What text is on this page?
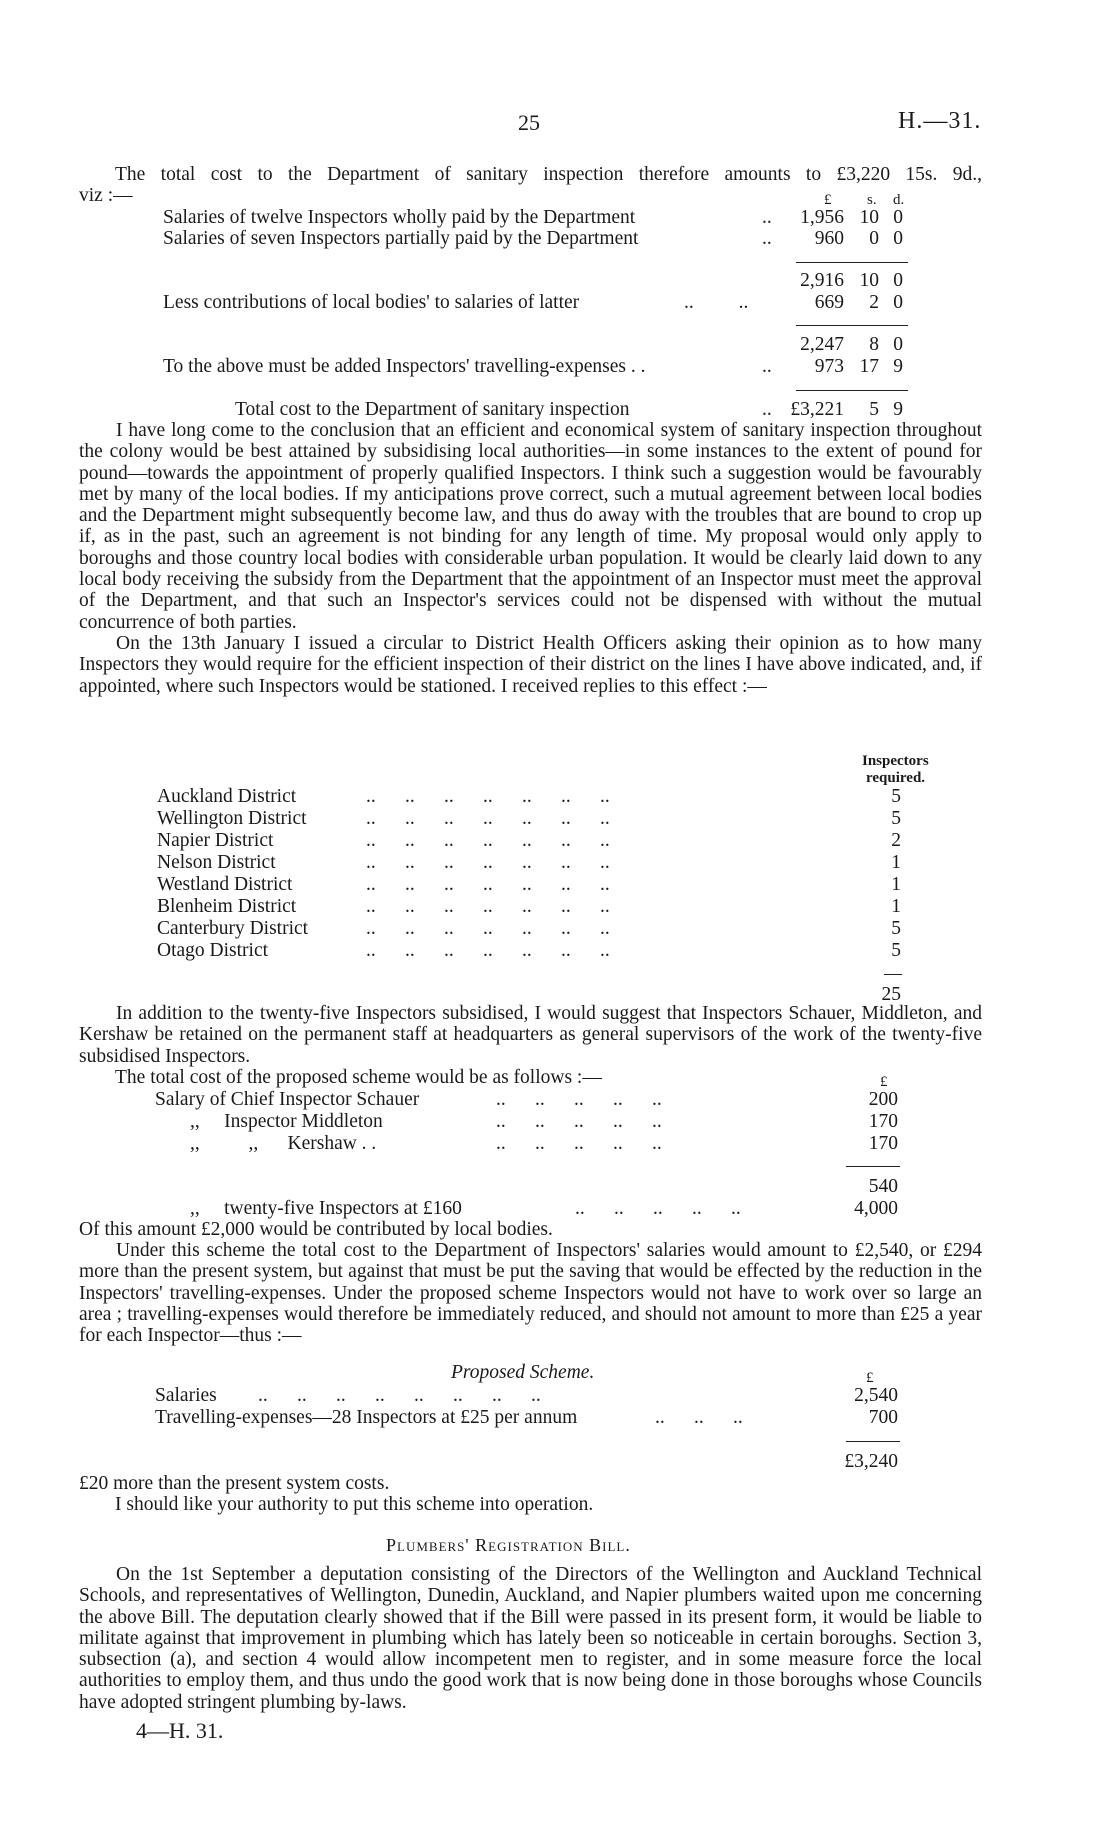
25	H.—31.
The total cost to the Department of sanitary inspection therefore amounts to £3,220 15s. 9d.,
viz :—	£ s. d.
Salaries of twelve Inspectors wholly paid by the Department	.. 1,956 10 0
Salaries of seven Inspectors partially paid by the Department	.. 960 0 0
2,916 10 0
Less contributions of local bodies' to salaries of latter	.. ..	669 2 0
2,247 8 0
To the above must be added Inspectors' travelling-expenses . .	.. 973 17 9
Total cost to the Department of sanitary inspection	.. £3,221 5 9

I have long come to the conclusion that an efficient and economical system of sanitary inspection throughout the colony would be best attained by subsidising local authorities—in some instances to the extent of pound for pound—towards the appointment of properly qualified Inspectors. I think such a suggestion would be favourably met by many of the local bodies. If my anticipations prove correct, such a mutual agreement between local bodies and the Department might subsequently become law, and thus do away with the troubles that are bound to crop up if, as in the past, such an agreement is not binding for any length of time. My proposal would only apply to boroughs and those country local bodies with considerable urban population. It would be clearly laid down to any local body receiving the subsidy from the Department that the appointment of an Inspector must meet the approval of the Department, and that such an Inspector's services could not be dispensed with without the mutual concurrence of both parties.

On the 13th January I issued a circular to District Health Officers asking their opinion as to how many Inspectors they would require for the efficient inspection of their district on the lines I have above indicated, and, if appointed, where such Inspectors would be stationed. I received replies to this effect :—

Inspectors
required.
Auckland District	..      ..      ..      ..      ..      ..      ..	5
Wellington District	..      ..      ..      ..      ..      ..      ..	5
Napier District	..      ..      ..      ..      ..      ..      ..	2
Nelson District	..      ..      ..      ..      ..      ..      ..	1
Westland District	..      ..      ..      ..      ..      ..      ..	1
Blenheim District	..      ..      ..      ..      ..      ..      ..	1
Canterbury District	..      ..      ..      ..      ..      ..      ..	5
Otago District	..      ..      ..      ..      ..      ..      ..	5
25

In addition to the twenty-five Inspectors subsidised, I would suggest that Inspectors Schauer, Middleton, and Kershaw be retained on the permanent staff at headquarters as general supervisors of the work of the twenty-five subsidised Inspectors.

The total cost of the proposed scheme would be as follows :—	£
Salary of Chief Inspector Schauer	..      ..      ..      ..      ..	200
,,     Inspector Middleton	..      ..      ..      ..      ..	170
,,          ,,      Kershaw . .	..      ..      ..      ..      ..	170
540
,,     twenty-five Inspectors at £160	..      ..      ..      ..      ..	4,000
Of this amount £2,000 would be contributed by local bodies.

Under this scheme the total cost to the Department of Inspectors' salaries would amount to £2,540, or £294 more than the present system, but against that must be put the saving that would be effected by the reduction in the Inspectors' travelling-expenses. Under the proposed scheme Inspectors would not have to work over so large an area ; travelling-expenses would therefore be immediately reduced, and should not amount to more than £25 a year for each Inspector—thus :—

Proposed Scheme.	£
Salaries ..      ..      ..      ..      ..      ..      ..      ..	2,540
Travelling-expenses—28 Inspectors at £25 per annum	..      ..      ..	700
£3,240
£20 more than the present system costs.
I should like your authority to put this scheme into operation.
Plumbers' Registration Bill.

On the 1st September a deputation consisting of the Directors of the Wellington and Auckland Technical Schools, and representatives of Wellington, Dunedin, Auckland, and Napier plumbers waited upon me concerning the above Bill. The deputation clearly showed that if the Bill were passed in its present form, it would be liable to militate against that improvement in plumbing which has lately been so noticeable in certain boroughs. Section 3, subsection (a), and section 4 would allow incompetent men to register, and in some measure force the local authorities to employ them, and thus undo the good work that is now being done in those boroughs whose Councils have adopted stringent plumbing by-laws.

4—H. 31.
